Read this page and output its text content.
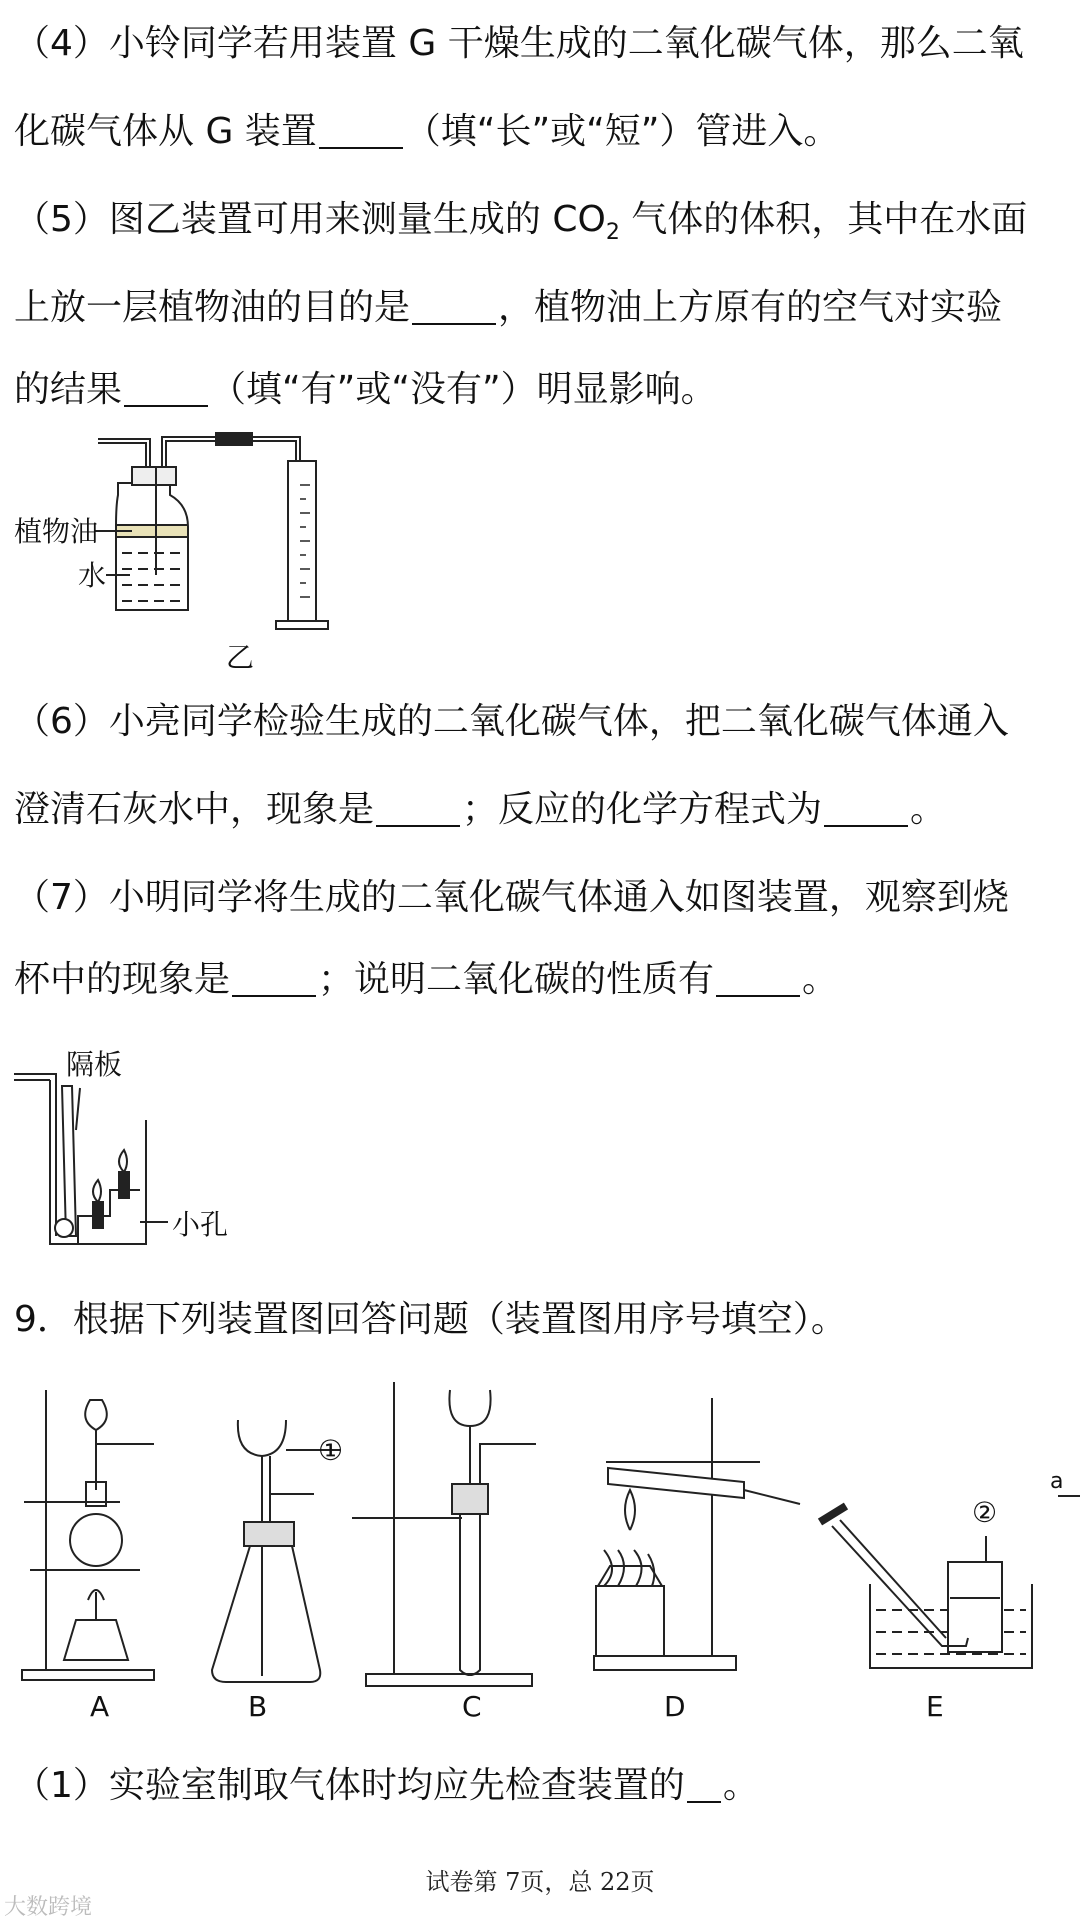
（4）小铃同学若用装置 G 干燥生成的二氧化碳气体，那么二氧
化碳气体从 G 装置 （填“长”或“短”）管进入。
（5）图乙装置可用来测量生成的 $CO_2$ 气体的体积，其中在水面
上放一层植物油的目的是 ，植物油上方原有的空气对实验
的结果 （填“有”或“没有”）明显影响。
植物油
水
乙
（6）小亮同学检验生成的二氧化碳气体，把二氧化碳气体通入
澄清石灰水中，现象是 ；反应的化学方程式为 。
（7）小明同学将生成的二氧化碳气体通入如图装置，观察到烧
杯中的现象是 ；说明二氧化碳的性质有 。
隔板
小孔
9．根据下列装置图回答问题（装置图用序号填空）。
A	B	C	D	E
①
②
a
（1）实验室制取气体时均应先检查装置的 。
试卷第 7页，总 22页
大数跨境
